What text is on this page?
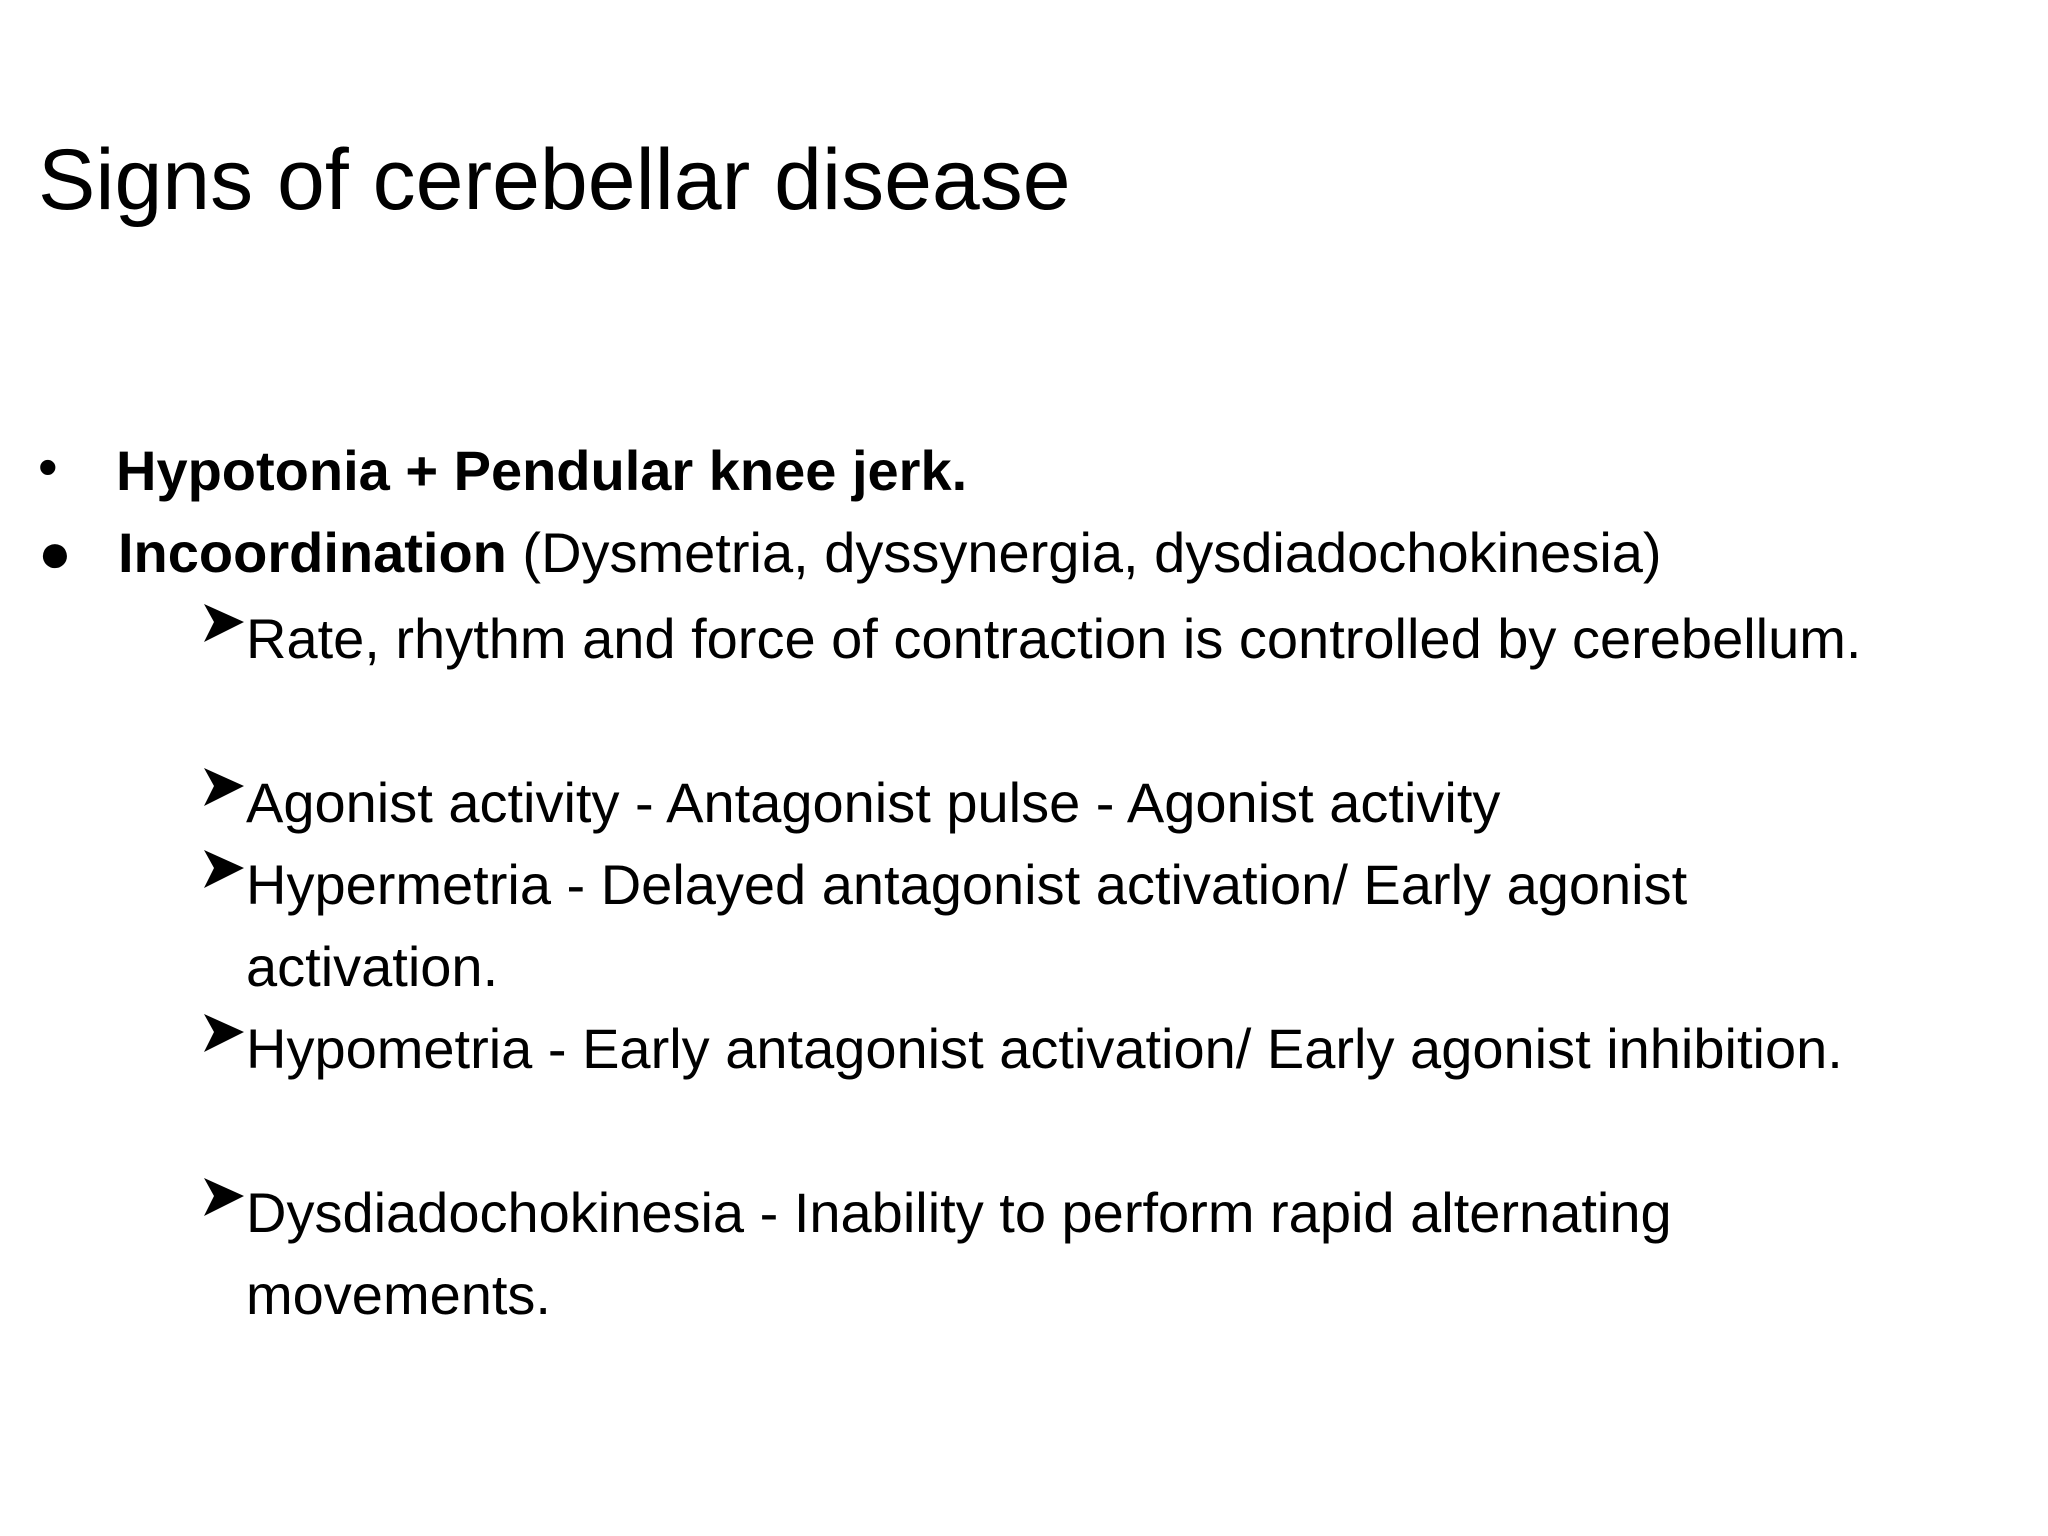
Signs of cerebellar disease
• Hypotonia + Pendular knee jerk.
● Incoordination (Dysmetria, dyssynergia, dysdiadochokinesia)
Rate, rhythm and force of contraction is controlled by cerebellum.
Agonist activity - Antagonist pulse - Agonist activity
Hypermetria - Delayed antagonist activation/ Early agonist activation.
Hypometria - Early antagonist activation/ Early agonist inhibition.
Dysdiadochokinesia - Inability to perform rapid alternating movements.
